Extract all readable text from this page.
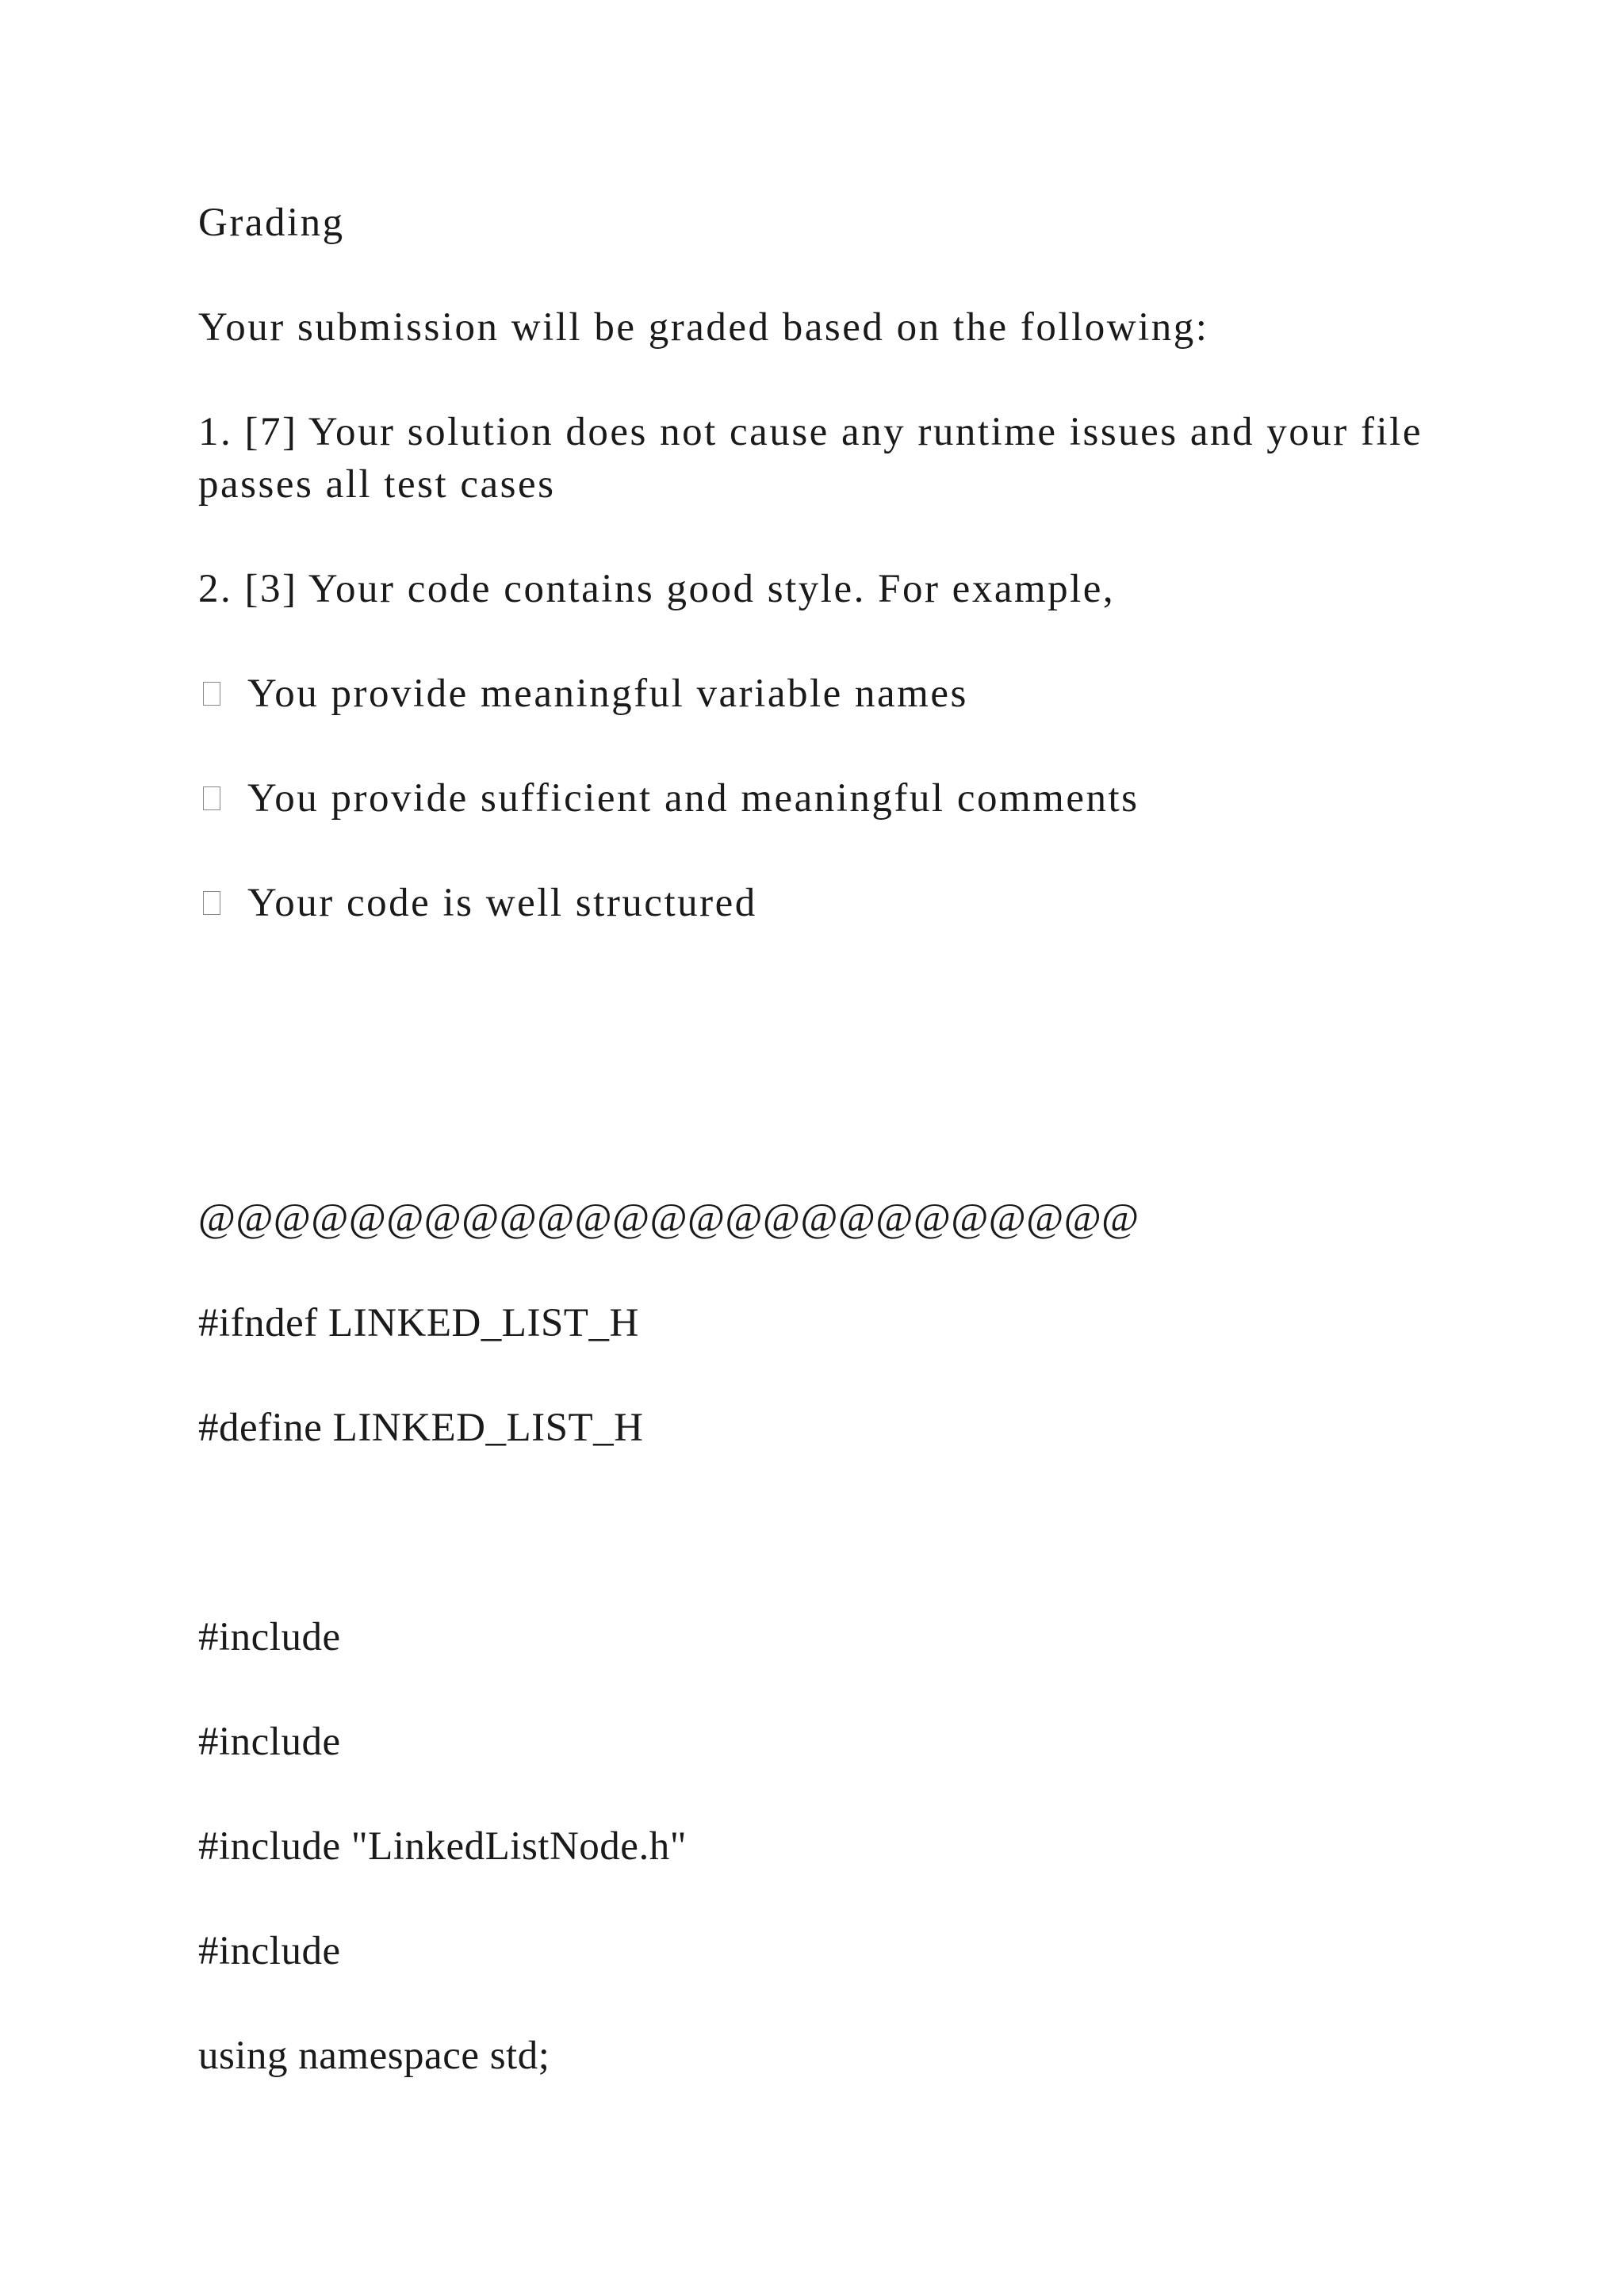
Grading
Your submission will be graded based on the following:
1. [7] Your solution does not cause any runtime issues and your file passes all test cases
2. [3] Your code contains good style. For example,
You provide meaningful variable names
You provide sufficient and meaningful comments
Your code is well structured
@@@@@@@@@@@@@@@@@@@@@@@@@
#ifndef LINKED_LIST_H
#define LINKED_LIST_H
#include
#include
#include "LinkedListNode.h"
#include
using namespace std;
